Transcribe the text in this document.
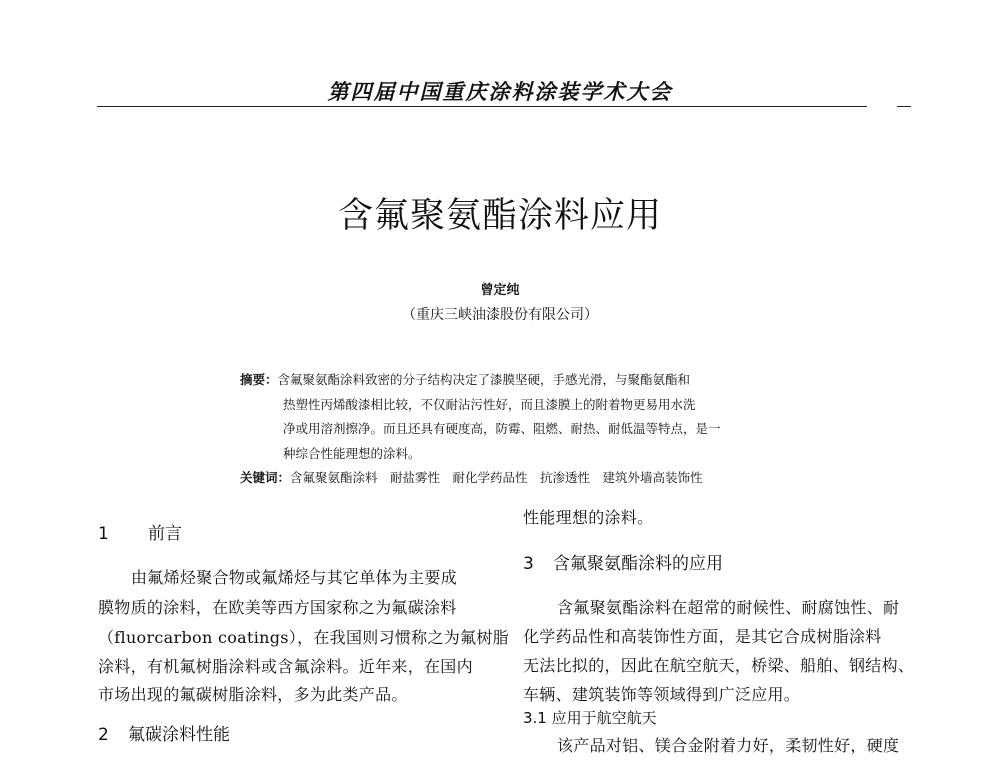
第四届中国重庆涂料涂装学术大会
含氟聚氨酯涂料应用
曾定纯
（重庆三峡油漆股份有限公司）
摘要：含氟聚氨酯涂料致密的分子结构决定了漆膜坚硬，手感光滑，与聚酯氨酯和
热塑性丙烯酸漆相比较，不仅耐沾污性好，而且漆膜上的附着物更易用水洗
净或用溶剂擦净。而且还具有硬度高，防霉、阻燃、耐热、耐低温等特点，是一
种综合性能理想的涂料。
关键词：含氟聚氨酯涂料　耐盐雾性　耐化学药品性　抗渗透性　建筑外墙高装饰性
1 前言
由氟烯烃聚合物或氟烯烃与其它单体为主要成
膜物质的涂料，在欧美等西方国家称之为氟碳涂料
（fluorcarbon coatings），在我国则习惯称之为氟树脂
涂料，有机氟树脂涂料或含氟涂料。近年来，在国内
市场出现的氟碳树脂涂料，多为此类产品。
2 氟碳涂料性能
性能理想的涂料。
3 含氟聚氨酯涂料的应用
含氟聚氨酯涂料在超常的耐候性、耐腐蚀性、耐
化学药品性和高装饰性方面，是其它合成树脂涂料
无法比拟的，因此在航空航天，桥梁、船舶、钢结构、
车辆、建筑装饰等领域得到广泛应用。
3.1 应用于航空航天
该产品对铝、镁合金附着力好，柔韧性好，硬度
